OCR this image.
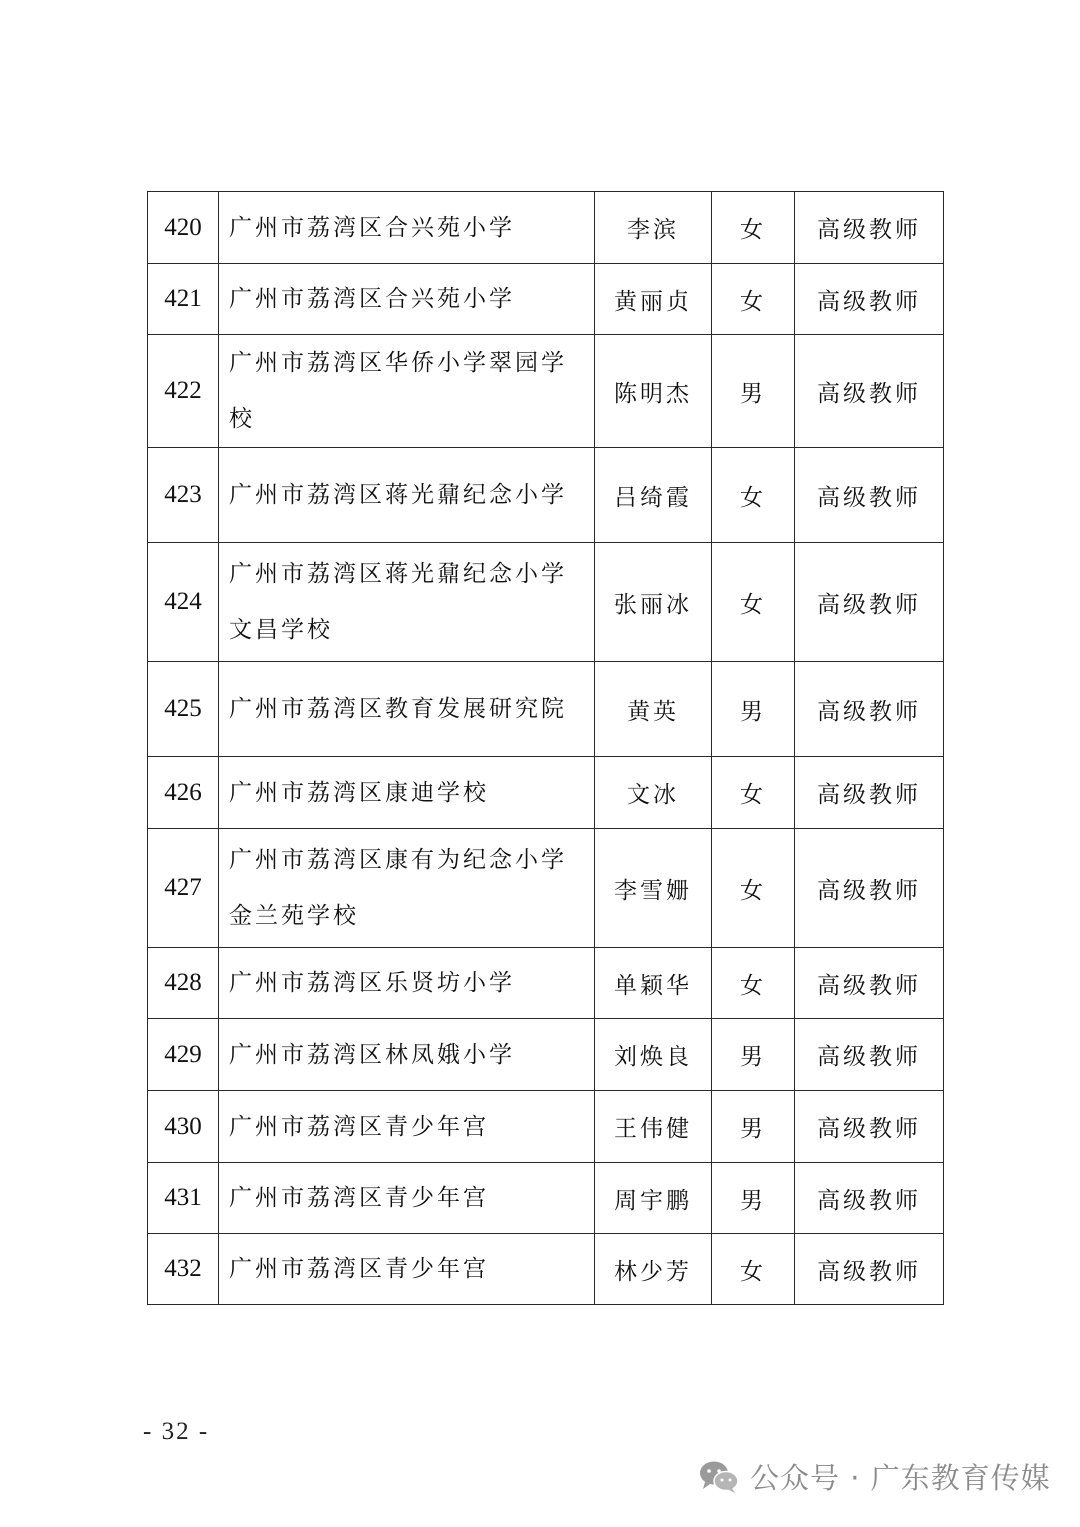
420	广州市荔湾区合兴苑小学	李滨	女	高级教师
421	广州市荔湾区合兴苑小学	黄丽贞	女	高级教师
422	广州市荔湾区华侨小学翠园学校	陈明杰	男	高级教师
423	广州市荔湾区蒋光鼐纪念小学	吕绮霞	女	高级教师
424	广州市荔湾区蒋光鼐纪念小学文昌学校	张丽冰	女	高级教师
425	广州市荔湾区教育发展研究院	黄英	男	高级教师
426	广州市荔湾区康迪学校	文冰	女	高级教师
427	广州市荔湾区康有为纪念小学金兰苑学校	李雪姗	女	高级教师
428	广州市荔湾区乐贤坊小学	单颖华	女	高级教师
429	广州市荔湾区林凤娥小学	刘焕良	男	高级教师
430	广州市荔湾区青少年宫	王伟健	男	高级教师
431	广州市荔湾区青少年宫	周宇鹏	男	高级教师
432	广州市荔湾区青少年宫	林少芳	女	高级教师
- 32 -
公众号 · 广东教育传媒
